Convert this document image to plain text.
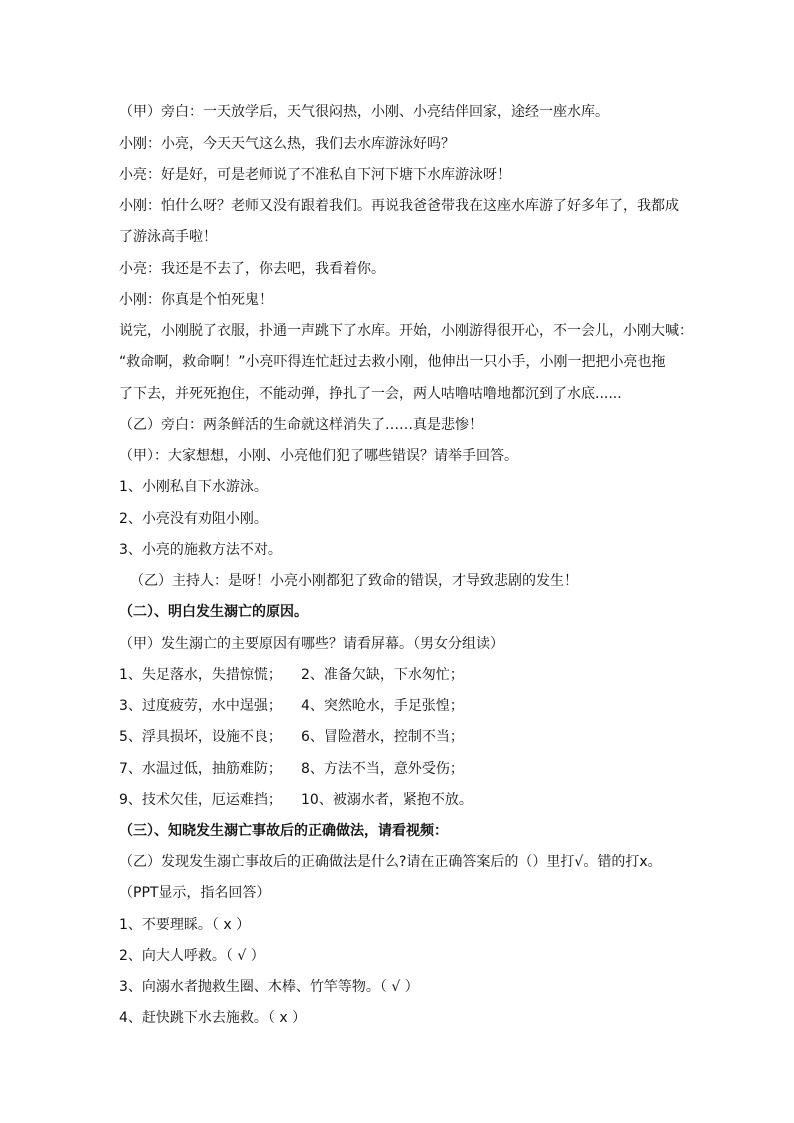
（甲）旁白：一天放学后，天气很闷热，小刚、小亮结伴回家，途经一座水库。
小刚：小亮，今天天气这么热，我们去水库游泳好吗？
小亮：好是好，可是老师说了不准私自下河下塘下水库游泳呀！
小刚：怕什么呀？老师又没有跟着我们。再说我爸爸带我在这座水库游了好多年了，我都成
了游泳高手啦！
小亮：我还是不去了，你去吧，我看着你。
小刚：你真是个怕死鬼！
说完，小刚脱了衣服，扑通一声跳下了水库。开始，小刚游得很开心，不一会儿，小刚大喊：
“救命啊，救命啊！”小亮吓得连忙赶过去救小刚，他伸出一只小手，小刚一把把小亮也拖
了下去，并死死抱住，不能动弹，挣扎了一会，两人咕噜咕噜地都沉到了水底......
（乙）旁白：两条鲜活的生命就这样消失了……真是悲惨！
（甲）：大家想想，小刚、小亮他们犯了哪些错误？请举手回答。
1、小刚私自下水游泳。
2、小亮没有劝阻小刚。
3、小亮的施救方法不对。
（乙）主持人：是呀！小亮小刚都犯了致命的错误，才导致悲剧的发生！
（二）、明白发生溺亡的原因。
（甲）发生溺亡的主要原因有哪些？请看屏幕。（男女分组读）
1、失足落水，失措惊慌； 2、准备欠缺，下水匆忙；
3、过度疲劳，水中逞强； 4、突然呛水，手足张惶；
5、浮具损坏，设施不良； 6、冒险潜水，控制不当；
7、水温过低，抽筋难防； 8、方法不当，意外受伤；
9、技术欠佳，厄运难挡； 10、被溺水者，紧抱不放。
（三）、知晓发生溺亡事故后的正确做法，请看视频：
（乙）发现发生溺亡事故后的正确做法是什么?请在正确答案后的（）里打√。错的打x。
（PPT显示，指名回答）
1、不要理睬。（ x ）
2、向大人呼救。（ √ ）
3、向溺水者抛救生圈、木棒、竹竿等物。（ √ ）
4、赶快跳下水去施救。（ x ）
